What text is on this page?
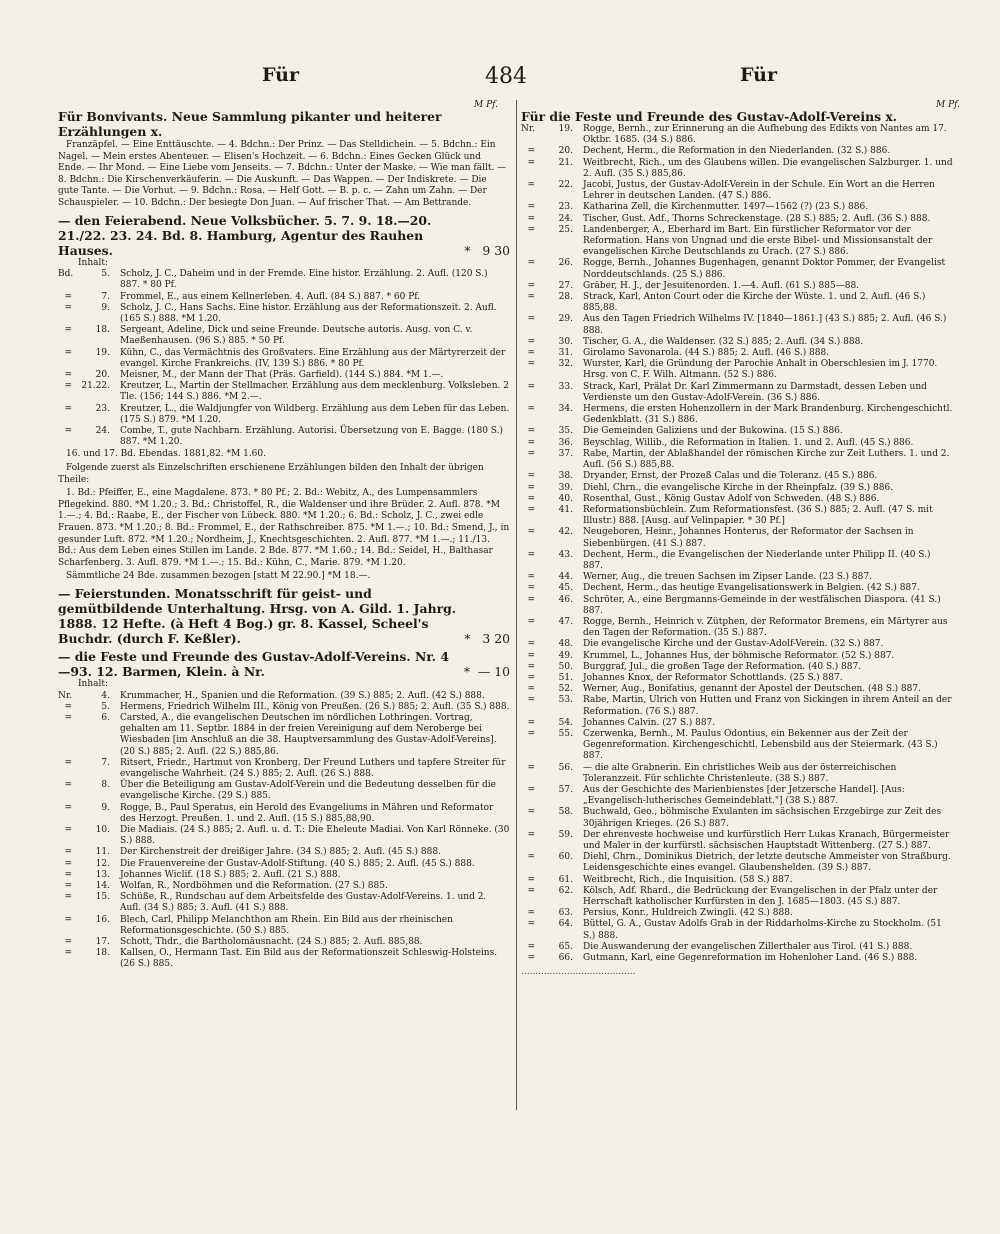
Für	484	Für
M Pf.	M Pf.
Für Bonvivants. Neue Sammlung pikanter und heiterer Erzählungen x.
Franzäpfel. — Eine Enttäuschte. — 4. Bdchn.: Der Prinz. — Das Stelldichein. — 5. Bdchn.: Ein Nagel. — Mein erstes Abenteuer. — Elisen's Hochzeit. — 6. Bdchn.: Eines Gecken Glück und Ende. — Ihr Mond. — Eine Liebe vom Jenseits. — 7. Bdchn.: Unter der Maske. — Wie man fällt. — 8. Bdchn.: Die Kirschenverkäuferin. — Die Auskunft. — Das Wappen. — Der Indiskrete. — Die gute Tante. — Die Vorhut. — 9. Bdchn.: Rosa. — Helf Gott. — B. p. c. — Zahn um Zahn. — Der Schauspieler. — 10. Bdchn.: Der besiegte Don Juan. — Auf frischer That. — Am Bettrande.
— den Feierabend. Neue Volksbücher. 5. 7. 9. 18.—20. 21./22. 23. 24. Bd. 8. Hamburg, Agentur des Rauhen Hauses.	*   9 30
Inhalt:
Bd.	5.	Scholz, J. C., Daheim und in der Fremde. Eine histor. Erzählung. 2. Aufl. (120 S.) 887. * 80 Pf.
=	7.	Frommel, E., aus einem Kellnerleben. 4. Aufl. (84 S.) 887. * 60 Pf.
=	9.	Scholz, J. C., Hans Sachs. Eine histor. Erzählung aus der Reformationszeit. 2. Aufl. (165 S.) 888. *M 1.20.
=	18.	Sergeant, Adeline, Dick und seine Freunde. Deutsche autoris. Ausg. von C. v. Maeßenhausen. (96 S.) 885. * 50 Pf.
=	19.	Kühn, C., das Vermächtnis des Großvaters. Eine Erzählung aus der Märtyrerzeit der evangel. Kirche Frankreichs. (IV, 139 S.) 886. * 80 Pf.
=	20.	Meisner, M., der Mann der That (Präs. Garfield). (144 S.) 884. *M 1.—.
=	21.22.	Kreutzer, L., Martin der Stellmacher. Erzählung aus dem mecklenburg. Volksleben. 2 Tle. (156; 144 S.) 886. *M 2.—.
=	23.	Kreutzer, L., die Waldjungfer von Wildberg. Erzählung aus dem Leben für das Leben. (175 S.) 879. *M 1.20.
=	24.	Combe, T., gute Nachbarn. Erzählung. Autorisi. Übersetzung von E. Bagge. (180 S.) 887. *M 1.20.
16. und 17. Bd. Ebendas. 1881,82. *M 1.60.
Folgende zuerst als Einzelschriften erschienene Erzählungen bilden den Inhalt der übrigen Theile:
1. Bd.: Pfeiffer, E., eine Magdalene. 873. * 80 Pf.; 2. Bd.: Webitz, A., des Lumpensammlers Pflegekind. 880. *M 1.20.; 3. Bd.: Christoffel, R., die Waldenser und ihre Brüder. 2. Aufl. 878. *M 1.—.; 4. Bd.: Raabe, E., der Fischer von Lübeck. 880. *M 1.20.; 6. Bd.: Scholz, J. C., zwei edle Frauen. 873. *M 1.20.; 8. Bd.: Frommel, E., der Rathschreiber. 875. *M 1.—.; 10. Bd.: Smend, J., in gesunder Luft. 872. *M 1.20.; Nordheim, J., Knechtsgeschichten. 2. Aufl. 877. *M 1.—.; 11./13. Bd.: Aus dem Leben eines Stillen im Lande. 2 Bde. 877. *M 1.60.; 14. Bd.: Seidel, H., Balthasar Scharfenberg. 3. Aufl. 879. *M 1.—.; 15. Bd.: Kühn, C., Marie. 879. *M 1.20.
Sämmtliche 24 Bde. zusammen bezogen [statt M 22.90.] *M 18.—.
— Feierstunden. Monatsschrift für geist- und gemütbildende Unterhaltung. Hrsg. von A. Gild. 1. Jahrg. 1888. 12 Hefte. (à Heft 4 Bog.) gr. 8. Kassel, Scheel's Buchdr. (durch F. Keßler).	*   3 20
— die Feste und Freunde des Gustav-Adolf-Vereins. Nr. 4—93. 12. Barmen, Klein. à Nr.	*  — 10
Inhalt:
Nr.	4.	Krummacher, H., Spanien und die Reformation. (39 S.) 885; 2. Aufl. (42 S.) 888.
=	5.	Hermens, Friedrich Wilhelm III., König von Preußen. (26 S.) 885; 2. Aufl. (35 S.) 888.
=	6.	Carsted, A., die evangelischen Deutschen im nördlichen Lothringen. Vortrag, gehalten am 11. Septbr. 1884 in der freien Vereinigung auf dem Neroberge bei Wiesbaden [im Anschluß an die 38. Hauptversammlung des Gustav-Adolf-Vereins]. (20 S.) 885; 2. Aufl. (22 S.) 885,86.
=	7.	Ritsert, Friedr., Hartmut von Kronberg. Der Freund Luthers und tapfere Streiter für evangelische Wahrheit. (24 S.) 885; 2. Aufl. (26 S.) 888.
=	8.	Über die Beteiligung am Gustav-Adolf-Verein und die Bedeutung desselben für die evangelische Kirche. (29 S.) 885.
=	9.	Rogge, B., Paul Speratus, ein Herold des Evangeliums in Mähren und Reformator des Herzogt. Preußen. 1. und 2. Aufl. (15 S.) 885,88,90.
=	10.	Die Madiais. (24 S.) 885; 2. Aufl. u. d. T.: Die Eheleute Madiai. Von Karl Rönneke. (30 S.) 888.
=	11.	Der Kirchenstreit der dreißiger Jahre. (34 S.) 885; 2. Aufl. (45 S.) 888.
=	12.	Die Frauenvereine der Gustav-Adolf-Stiftung. (40 S.) 885; 2. Aufl. (45 S.) 888.
=	13.	Johannes Wiclif. (18 S.) 885; 2. Aufl. (21 S.) 888.
=	14.	Wolfan, R., Nordböhmen und die Reformation. (27 S.) 885.
=	15.	Schüße, R., Rundschau auf dem Arbeitsfelde des Gustav-Adolf-Vereins. 1. und 2. Aufl. (34 S.) 885; 3. Aufl. (41 S.) 888.
=	16.	Blech, Carl, Philipp Melanchthon am Rhein. Ein Bild aus der rheinischen Reformationsgeschichte. (50 S.) 885.
=	17.	Schott, Thdr., die Bartholomäusnacht. (24 S.) 885; 2. Aufl. 885,88.
=	18.	Kallsen, O., Hermann Tast. Ein Bild aus der Reformationszeit Schleswig-Holsteins. (26 S.) 885.
Für die Feste und Freunde des Gustav-Adolf-Vereins x.
Nr.	19.	Rogge, Bernh., zur Erinnerung an die Aufhebung des Edikts von Nantes am 17. Oktbr. 1685. (34 S.) 886.
=	20.	Dechent, Herm., die Reformation in den Niederlanden. (32 S.) 886.
=	21.	Weitbrecht, Rich., um des Glaubens willen. Die evangelischen Salzburger. 1. und 2. Aufl. (35 S.) 885,86.
=	22.	Jacobi, Justus, der Gustav-Adolf-Verein in der Schule. Ein Wort an die Herren Lehrer in deutschen Landen. (47 S.) 886.
=	23.	Katharina Zell, die Kirchenmutter. 1497—1562 (?) (23 S.) 886.
=	24.	Tischer, Gust. Adf., Thorns Schreckenstage. (28 S.) 885; 2. Aufl. (36 S.) 888.
=	25.	Landenberger, A., Eberhard im Bart. Ein fürstlicher Reformator vor der Reformation. Hans von Ungnad und die erste Bibel- und Missionsanstalt der evangelischen Kirche Deutschlands zu Urach. (27 S.) 886.
=	26.	Rogge, Bernh., Johannes Bugenhagen, genannt Doktor Pommer, der Evangelist Norddeutschlands. (25 S.) 886.
=	27.	Gräber, H. J., der Jesuitenorden. 1.—4. Aufl. (61 S.) 885—88.
=	28.	Strack, Karl, Anton Court oder die Kirche der Wüste. 1. und 2. Aufl. (46 S.) 885,88.
=	29.	Aus den Tagen Friedrich Wilhelms IV. [1840—1861.] (43 S.) 885; 2. Aufl. (46 S.) 888.
=	30.	Tischer, G. A., die Waldenser. (32 S.) 885; 2. Aufl. (34 S.) 888.
=	31.	Girolamo Savonarola. (44 S.) 885; 2. Aufl. (46 S.) 888.
=	32.	Wurster, Karl, die Gründung der Parochie Anhalt in Oberschlesien im J. 1770. Hrsg. von C. F. Wilh. Altmann. (52 S.) 886.
=	33.	Strack, Karl, Prälat Dr. Karl Zimmermann zu Darmstadt, dessen Leben und Verdienste um den Gustav-Adolf-Verein. (36 S.) 886.
=	34.	Hermens, die ersten Hohenzollern in der Mark Brandenburg. Kirchengeschichtl. Gedenkblatt. (31 S.) 886.
=	35.	Die Gemeinden Galiziens und der Bukowina. (15 S.) 886.
=	36.	Beyschlag, Willib., die Reformation in Italien. 1. und 2. Aufl. (45 S.) 886.
=	37.	Rabe, Martin, der Ablaßhandel der römischen Kirche zur Zeit Luthers. 1. und 2. Aufl. (56 S.) 885,88.
=	38.	Dryander, Ernst, der Prozeß Calas und die Toleranz. (45 S.) 886.
=	39.	Diehl, Chrn., die evangelische Kirche in der Rheinpfalz. (39 S.) 886.
=	40.	Rosenthal, Gust., König Gustav Adolf von Schweden. (48 S.) 886.
=	41.	Reformationsbüchlein. Zum Reformationsfest. (36 S.) 885; 2. Aufl. (47 S. mit Illustr.) 888. [Ausg. auf Velinpapier. * 30 Pf.]
=	42.	Neugeboren, Heinr., Johannes Honterus, der Reformator der Sachsen in Siebenbürgen. (41 S.) 887.
=	43.	Dechent, Herm., die Evangelischen der Niederlande unter Philipp II. (40 S.) 887.
=	44.	Werner, Aug., die treuen Sachsen im Zipser Lande. (23 S.) 887.
=	45.	Dechent, Herm., das heutige Evangelisationswerk in Belgien. (42 S.) 887.
=	46.	Schröter, A., eine Bergmanns-Gemeinde in der westfälischen Diaspora. (41 S.) 887.
=	47.	Rogge, Bernh., Heinrich v. Zütphen, der Reformator Bremens, ein Märtyrer aus den Tagen der Reformation. (35 S.) 887.
=	48.	Die evangelische Kirche und der Gustav-Adolf-Verein. (32 S.) 887.
=	49.	Krummel, L., Johannes Hus, der böhmische Reformator. (52 S.) 887.
=	50.	Burggraf, Jul., die großen Tage der Reformation. (40 S.) 887.
=	51.	Johannes Knox, der Reformator Schottlands. (25 S.) 887.
=	52.	Werner, Aug., Bonifatius, genannt der Apostel der Deutschen. (48 S.) 887.
=	53.	Rabe, Martin, Ulrich von Hutten und Franz von Sickingen in ihrem Anteil an der Reformation. (76 S.) 887.
=	54.	Johannes Calvin. (27 S.) 887.
=	55.	Czerwenka, Bernh., M. Paulus Odontius, ein Bekenner aus der Zeit der Gegenreformation. Kirchengeschichtl. Lebensbild aus der Steiermark. (43 S.) 887.
=	56.	— die alte Grabnerin. Ein christliches Weib aus der österreichischen Toleranzzeit. Für schlichte Christenleute. (38 S.) 887.
=	57.	Aus der Geschichte des Marienbienstes [der Jetzersche Handel]. [Aus: „Evangelisch-lutherisches Gemeindeblatt."] (38 S.) 887.
=	58.	Buchwald, Geo., böhmische Exulanten im sächsischen Erzgebirge zur Zeit des 30jährigen Krieges. (26 S.) 887.
=	59.	Der ehrenveste hochweise und kurfürstlich Herr Lukas Kranach, Bürgermeister und Maler in der kurfürstl. sächsischen Hauptstadt Wittenberg. (27 S.) 887.
=	60.	Diehl, Chrn., Dominikus Dietrich, der letzte deutsche Ammeister von Straßburg. Leidensgeschichte eines evangel. Glaubenshelden. (39 S.) 887.
=	61.	Weitbrecht, Rich., die Inquisition. (58 S.) 887.
=	62.	Kölsch, Adf. Rhard., die Bedrückung der Evangelischen in der Pfalz unter der Herrschaft katholischer Kurfürsten in den J. 1685—1803. (45 S.) 887.
=	63.	Persius, Konr., Huldreich Zwingli. (42 S.) 888.
=	64.	Büttel, G. A., Gustav Adolfs Grab in der Riddarholms-Kirche zu Stockholm. (51 S.) 888.
=	65.	Die Auswanderung der evangelischen Zillerthaler aus Tirol. (41 S.) 888.
=	66.	Gutmann, Karl, eine Gegenreformation im Hohenloher Land. (46 S.) 888.
........................................
